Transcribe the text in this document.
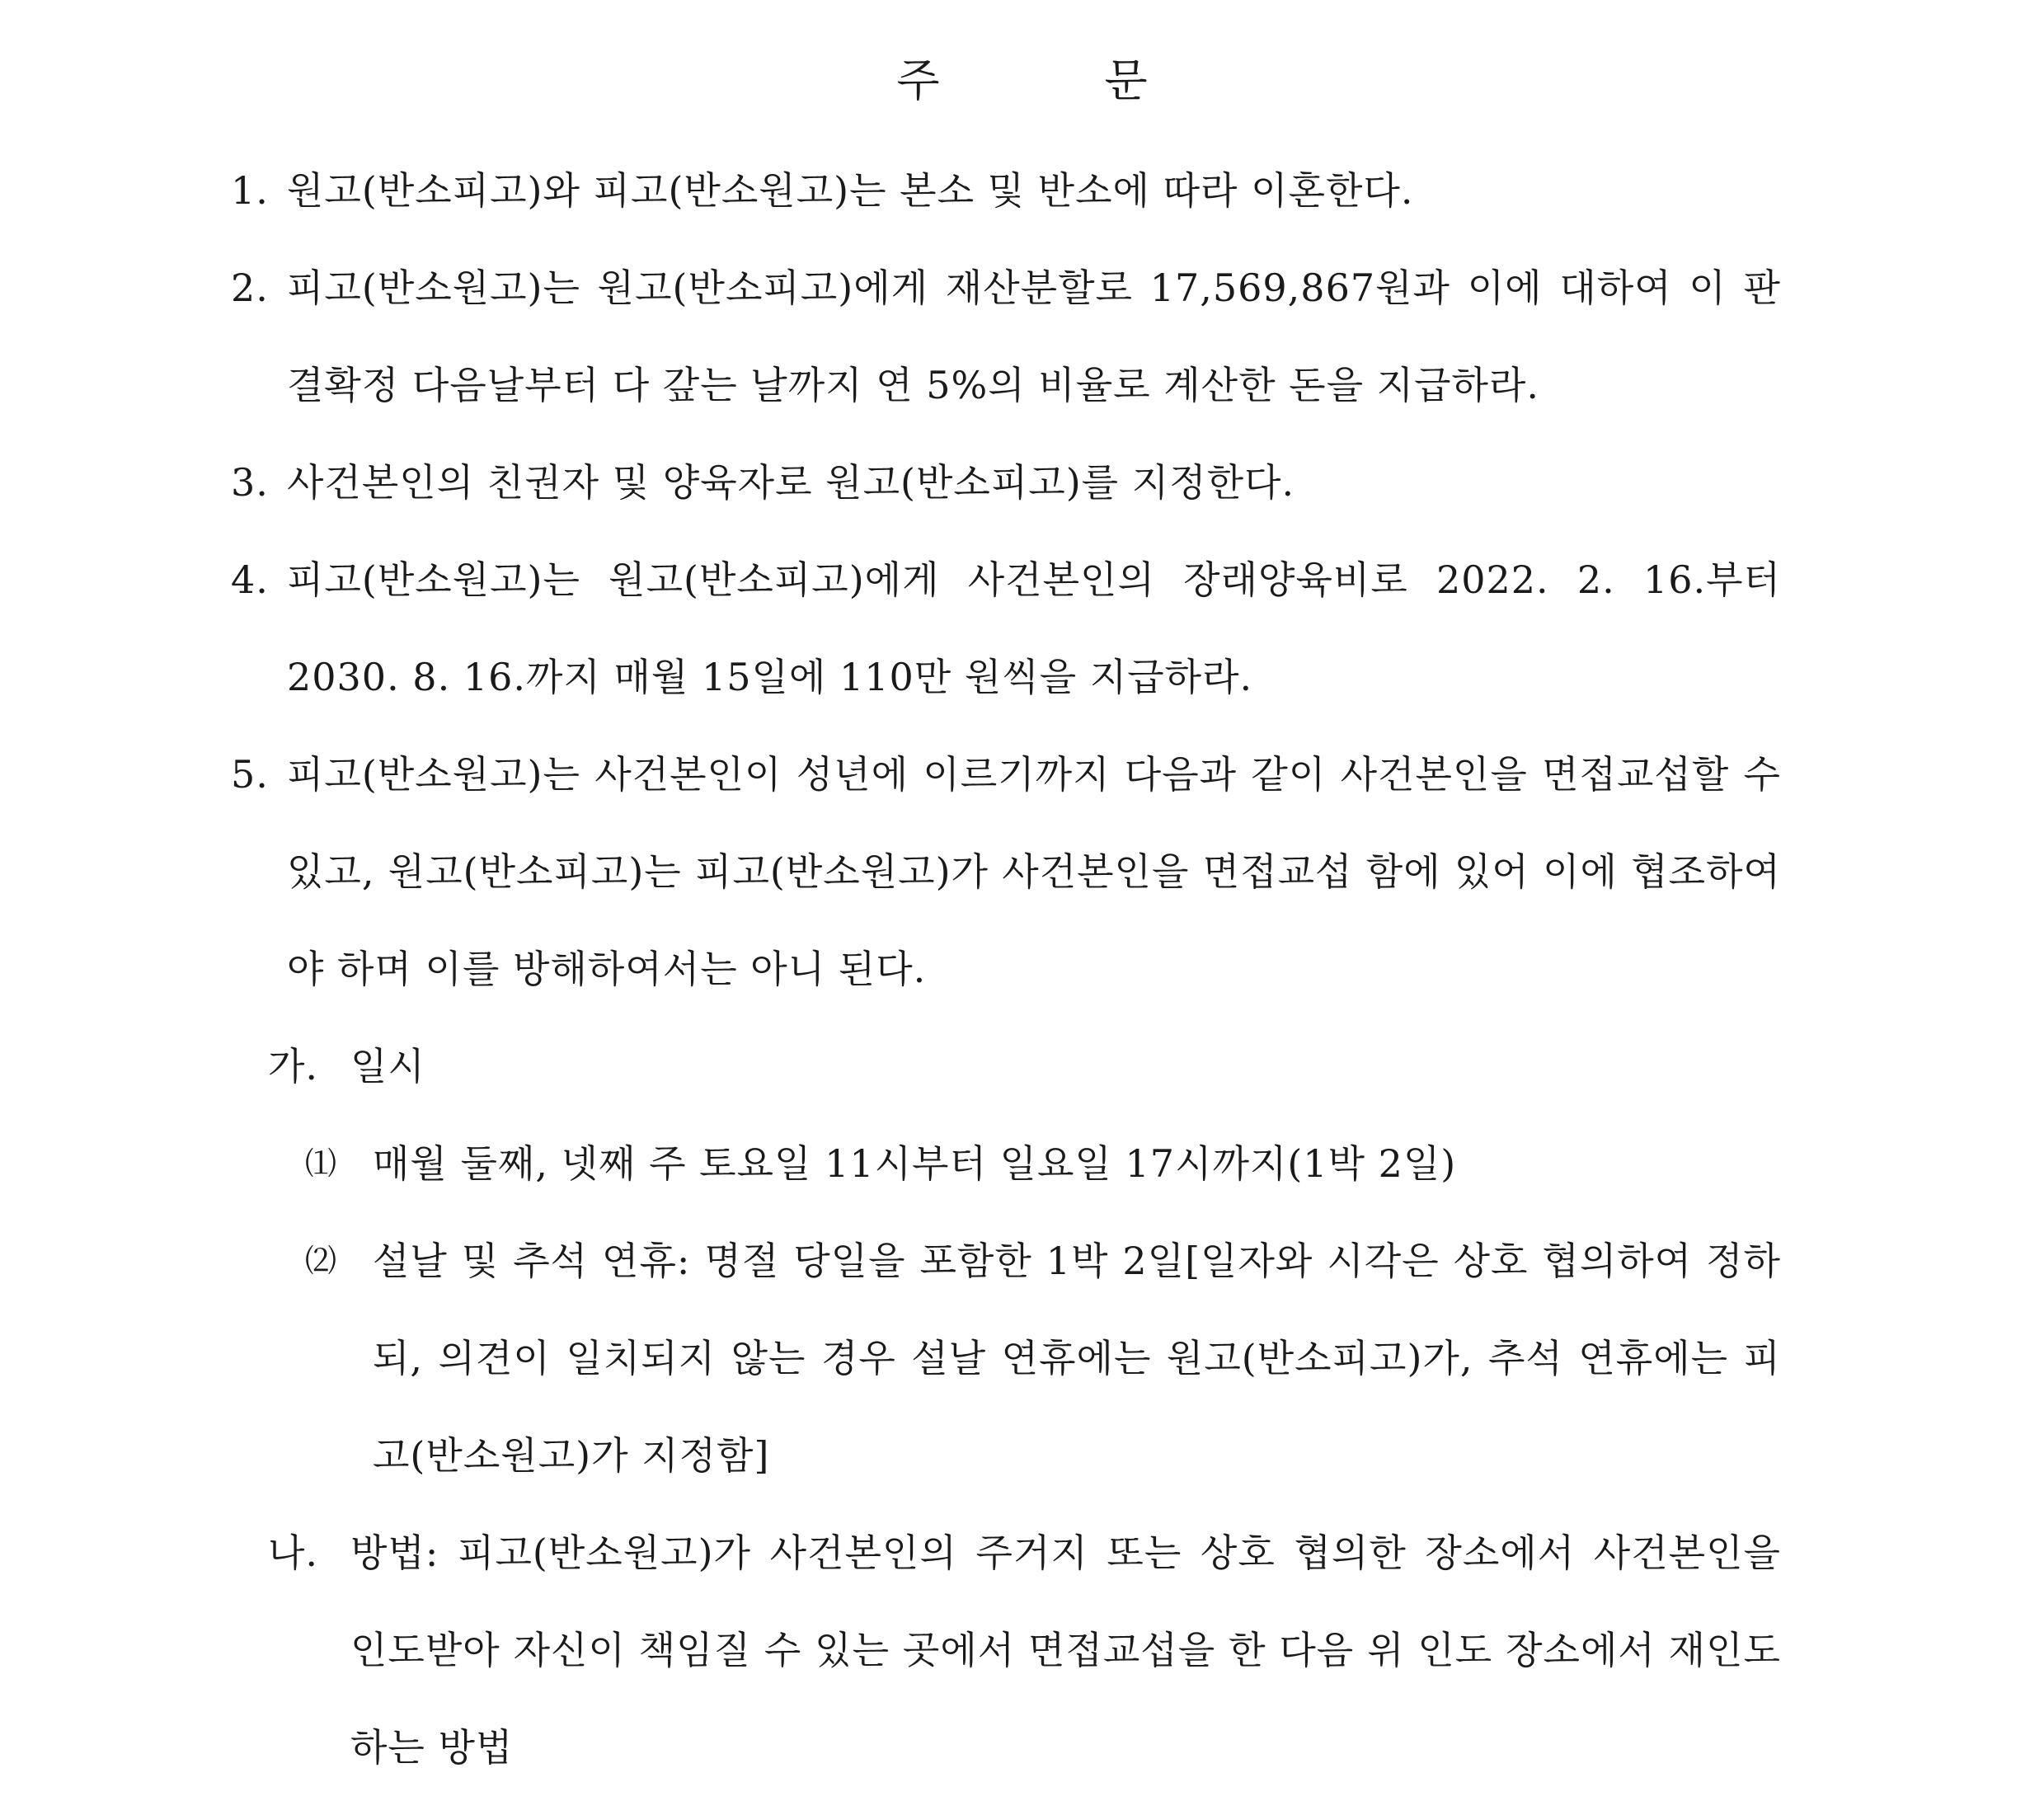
주	문
1. 원고(반소피고)와 피고(반소원고)는 본소 및 반소에 따라 이혼한다.
2. 피고(반소원고)는 원고(반소피고)에게 재산분할로 17,569,867원과 이에 대하여 이 판결확정 다음날부터 다 갚는 날까지 연 5%의 비율로 계산한 돈을 지급하라.
3. 사건본인의 친권자 및 양육자로 원고(반소피고)를 지정한다.
4. 피고(반소원고)는 원고(반소피고)에게 사건본인의 장래양육비로 2022. 2. 16.부터 2030. 8. 16.까지 매월 15일에 110만 원씩을 지급하라.
5. 피고(반소원고)는 사건본인이 성년에 이르기까지 다음과 같이 사건본인을 면접교섭할 수 있고, 원고(반소피고)는 피고(반소원고)가 사건본인을 면접교섭 함에 있어 이에 협조하여야 하며 이를 방해하여서는 아니 된다.
가. 일시
⑴ 매월 둘째, 넷째 주 토요일 11시부터 일요일 17시까지(1박 2일)
⑵ 설날 및 추석 연휴: 명절 당일을 포함한 1박 2일[일자와 시각은 상호 협의하여 정하되, 의견이 일치되지 않는 경우 설날 연휴에는 원고(반소피고)가, 추석 연휴에는 피고(반소원고)가 지정함]
나. 방법: 피고(반소원고)가 사건본인의 주거지 또는 상호 협의한 장소에서 사건본인을 인도받아 자신이 책임질 수 있는 곳에서 면접교섭을 한 다음 위 인도 장소에서 재인도하는 방법
